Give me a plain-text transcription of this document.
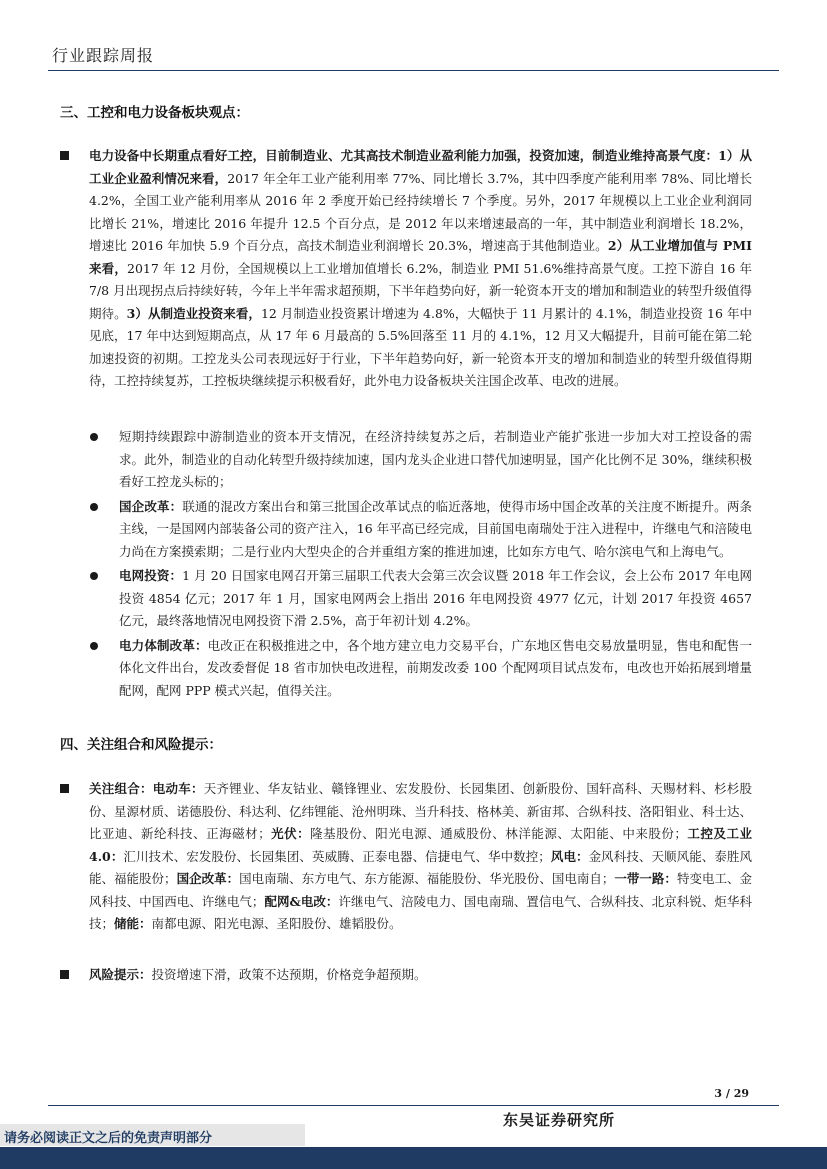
行业跟踪周报
三、工控和电力设备板块观点：
电力设备中长期重点看好工控，目前制造业、尤其高技术制造业盈利能力加强，投资加速，制造业维持高景气度：1）从工业企业盈利情况来看，2017 年全年工业产能利用率 77%、同比增长 3.7%，其中四季度产能利用率 78%、同比增长 4.2%，全国工业产能利用率从 2016 年 2 季度开始已经持续增长 7 个季度。另外，2017 年规模以上工业企业利润同比增长 21%，增速比 2016 年提升 12.5 个百分点，是 2012 年以来增速最高的一年，其中制造业利润增长 18.2%，增速比 2016 年加快 5.9 个百分点，高技术制造业利润增长 20.3%，增速高于其他制造业。2）从工业增加值与 PMI 来看，2017 年 12 月份，全国规模以上工业增加值增长 6.2%，制造业 PMI 51.6%维持高景气度。工控下游自 16 年 7/8 月出现拐点后持续好转，今年上半年需求超预期，下半年趋势向好，新一轮资本开支的增加和制造业的转型升级值得期待。3）从制造业投资来看，12 月制造业投资累计增速为 4.8%，大幅快于 11 月累计的 4.1%，制造业投资 16 年中见底，17 年中达到短期高点，从 17 年 6 月最高的 5.5%回落至 11 月的 4.1%，12 月又大幅提升，目前可能在第二轮加速投资的初期。工控龙头公司表现远好于行业，下半年趋势向好，新一轮资本开支的增加和制造业的转型升级值得期待，工控持续复苏，工控板块继续提示积极看好，此外电力设备板块关注国企改革、电改的进展。
短期持续跟踪中游制造业的资本开支情况，在经济持续复苏之后，若制造业产能扩张进一步加大对工控设备的需求。此外，制造业的自动化转型升级持续加速，国内龙头企业进口替代加速明显，国产化比例不足 30%，继续积极看好工控龙头标的；
国企改革：联通的混改方案出台和第三批国企改革试点的临近落地，使得市场中国企改革的关注度不断提升。两条主线，一是国网内部装备公司的资产注入，16 年平高已经完成，目前国电南瑞处于注入进程中，许继电气和涪陵电力尚在方案摸索期；二是行业内大型央企的合并重组方案的推进加速，比如东方电气、哈尔滨电气和上海电气。
电网投资：1 月 20 日国家电网召开第三届职工代表大会第三次会议暨 2018 年工作会议，会上公布 2017 年电网投资 4854 亿元；2017 年 1 月，国家电网两会上指出 2016 年电网投资 4977 亿元，计划 2017 年投资 4657 亿元，最终落地情况电网投资下滑 2.5%，高于年初计划 4.2%。
电力体制改革：电改正在积极推进之中，各个地方建立电力交易平台，广东地区售电交易放量明显，售电和配售一体化文件出台，发改委督促 18 省市加快电改进程，前期发改委 100 个配网项目试点发布，电改也开始拓展到增量配网，配网 PPP 模式兴起，值得关注。
四、关注组合和风险提示：
关注组合：电动车：天齐锂业、华友钴业、赣锋锂业、宏发股份、长园集团、创新股份、国轩高科、天赐材料、杉杉股份、星源材质、诺德股份、科达利、亿纬锂能、沧州明珠、当升科技、格林美、新宙邦、合纵科技、洛阳钼业、科士达、比亚迪、新纶科技、正海磁材；光伏：隆基股份、阳光电源、通威股份、林洋能源、太阳能、中来股份；工控及工业 4.0：汇川技术、宏发股份、长园集团、英威腾、正泰电器、信捷电气、华中数控；风电：金风科技、天顺风能、泰胜风能、福能股份；国企改革：国电南瑞、东方电气、东方能源、福能股份、华光股份、国电南自；一带一路：特变电工、金风科技、中国西电、许继电气；配网&电改：许继电气、涪陵电力、国电南瑞、置信电气、合纵科技、北京科锐、炬华科技；储能：南都电源、阳光电源、圣阳股份、雄韬股份。
风险提示：投资增速下滑，政策不达预期，价格竞争超预期。
3 / 29
东吴证券研究所
请务必阅读正文之后的免责声明部分
